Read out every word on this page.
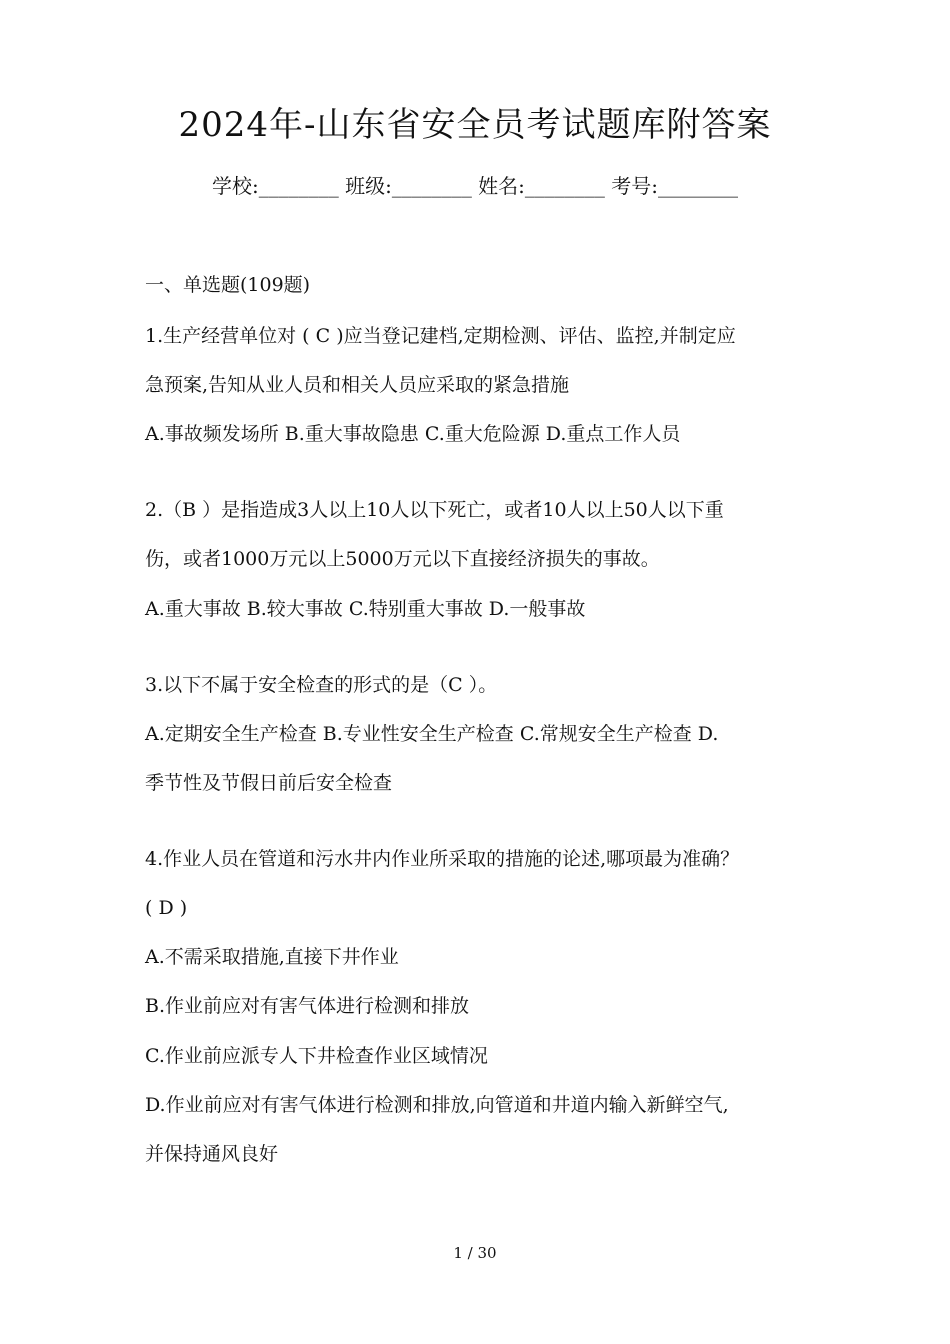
2024年-山东省安全员考试题库附答案
学校:________ 班级:________ 姓名:________ 考号:________
一、单选题(109题)
1.生产经营单位对 ( C )应当登记建档,定期检测、评估、监控,并制定应
急预案,告知从业人员和相关人员应采取的紧急措施
A.事故频发场所 B.重大事故隐患 C.重大危险源 D.重点工作人员
2.（B ）是指造成3人以上10人以下死亡，或者10人以上50人以下重
伤，或者1000万元以上5000万元以下直接经济损失的事故。
A.重大事故 B.较大事故 C.特别重大事故 D.一般事故
3.以下不属于安全检查的形式的是（C ）。
A.定期安全生产检查 B.专业性安全生产检查 C.常规安全生产检查 D.
季节性及节假日前后安全检查
4.作业人员在管道和污水井内作业所采取的措施的论述,哪项最为准确？
( D )
A.不需采取措施,直接下井作业
B.作业前应对有害气体进行检测和排放
C.作业前应派专人下井检查作业区域情况
D.作业前应对有害气体进行检测和排放,向管道和井道内输入新鲜空气,
并保持通风良好
1 / 30
